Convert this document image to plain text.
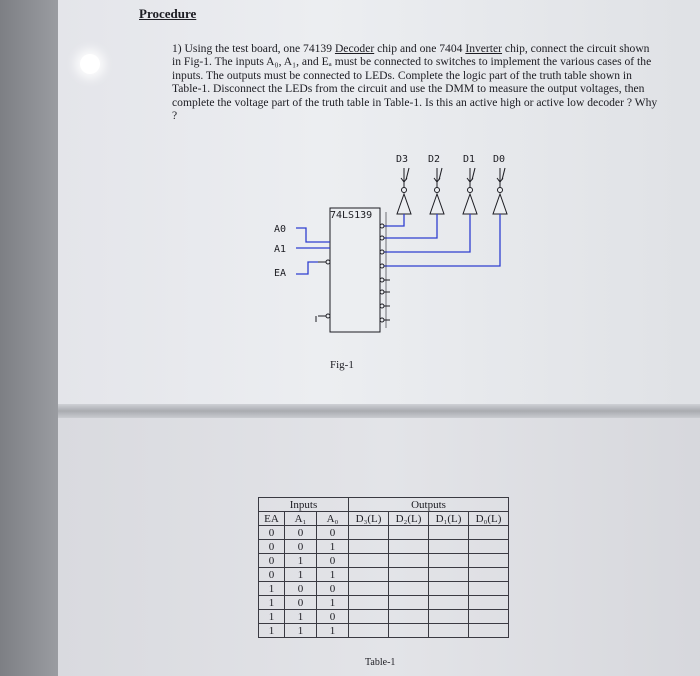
Procedure
1) Using the test board, one 74139 Decoder chip and one 7404 Inverter chip, connect the circuit shown in Fig-1. The inputs A₀, A₁, and Eₐ must be connected to switches to implement the various cases of the inputs. The outputs must be connected to LEDs. Complete the logic part of the truth table shown in Table-1. Disconnect the LEDs from the circuit and use the DMM to measure the output voltages, then complete the voltage part of the truth table in Table-1. Is this an active high or active low decoder ? Why ?
D3 D2 D1 D0
74LS139
A0
A1
EA
Fig-1
Inputs			Outputs			
EA	A₁	A₀	D₃(L)	D₂(L)	D₁(L)	D₀(L)
0	0	0				
0	0	1				
0	1	0				
0	1	1				
1	0	0				
1	0	1				
1	1	0				
1	1	1				
Table-1
